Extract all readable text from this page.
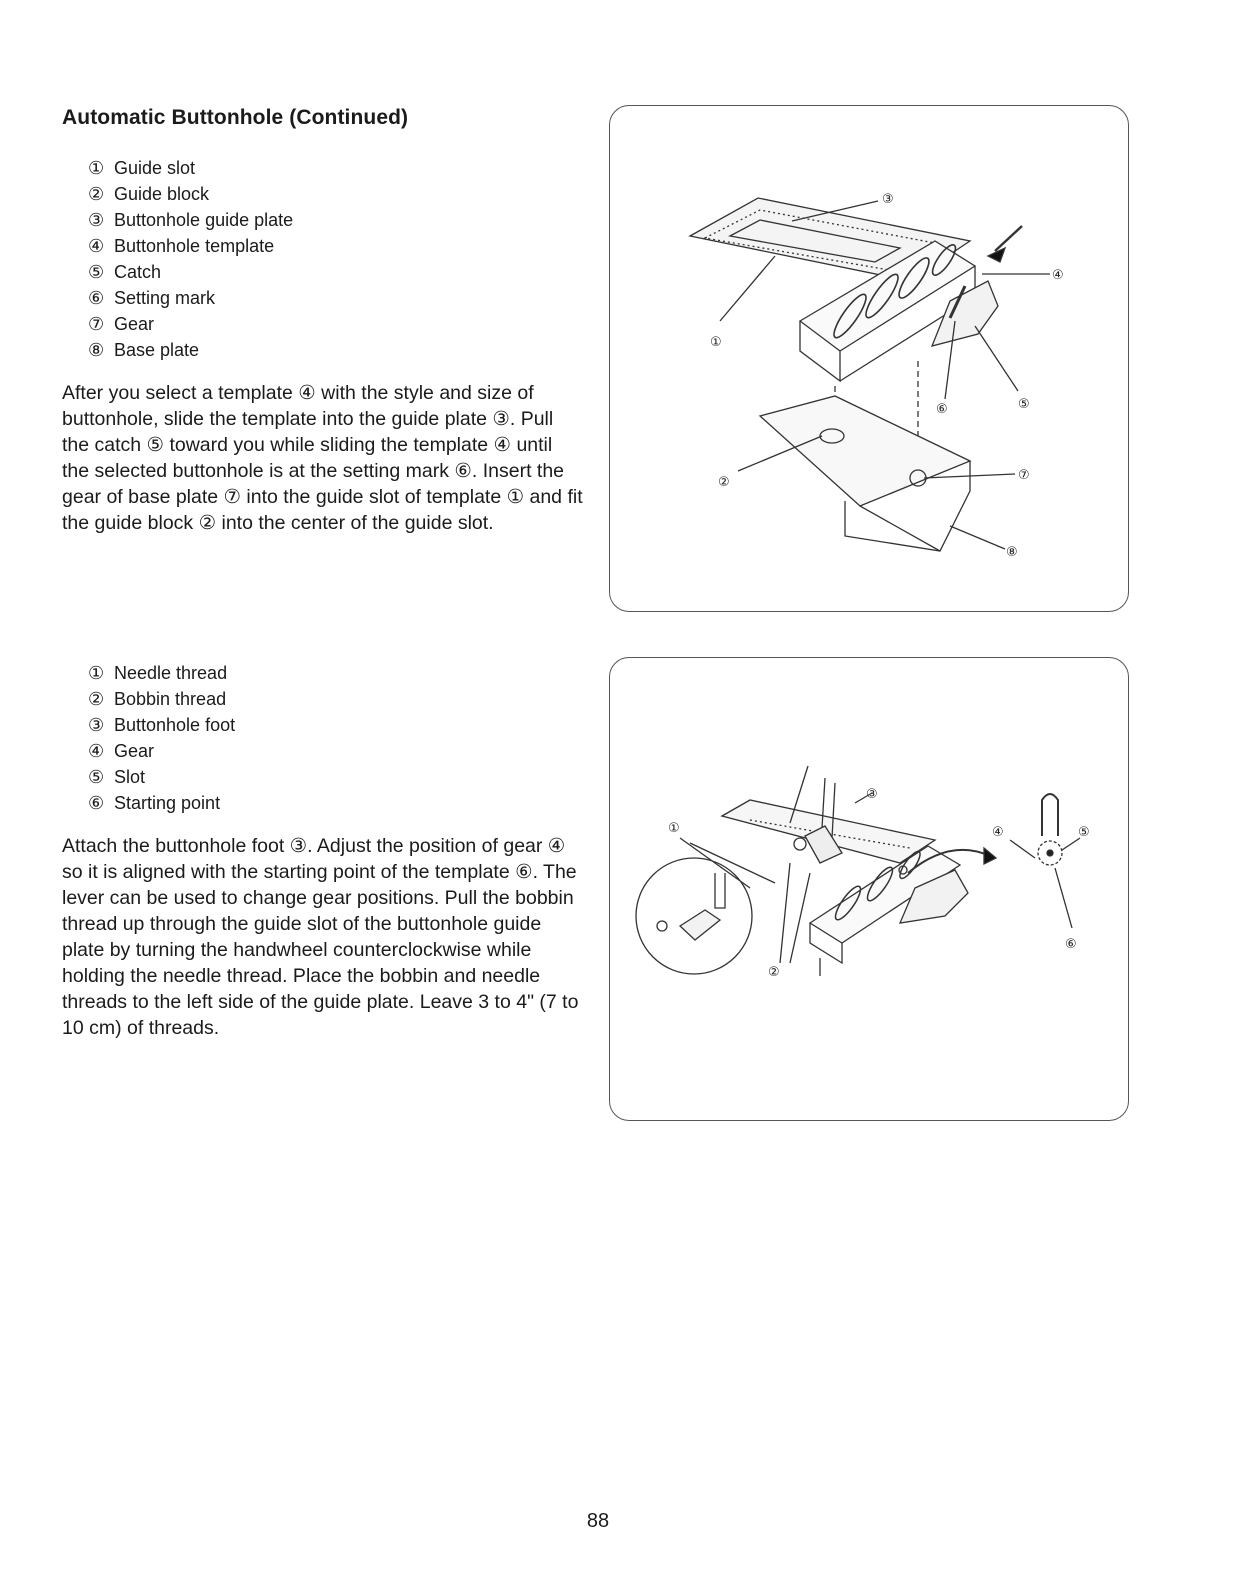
Automatic Buttonhole (Continued)
① Guide slot
② Guide block
③ Buttonhole guide plate
④ Buttonhole template
⑤ Catch
⑥ Setting mark
⑦ Gear
⑧ Base plate

After you select a template ④ with the style and size of buttonhole, slide the template into the guide plate ③. Pull the catch ⑤ toward you while sliding the template ④ until the selected buttonhole is at the setting mark ⑥. Insert the gear of base plate ⑦ into the guide slot of template ① and fit the guide block ② into the center of the guide slot.

③
④
①
⑤
⑥
⑦
②
⑧
① Needle thread
② Bobbin thread
③ Buttonhole foot
④ Gear
⑤ Slot
⑥ Starting point

Attach the buttonhole foot ③. Adjust the position of gear ④ so it is aligned with the starting point of the template ⑥. The lever can be used to change gear positions. Pull the bobbin thread up through the guide slot of the buttonhole guide plate by turning the handwheel counterclockwise while holding the needle thread. Place the bobbin and needle threads to the left side of the guide plate. Leave 3 to 4" (7 to 10 cm) of threads.

①
③
④	⑤
⑥
②
88
